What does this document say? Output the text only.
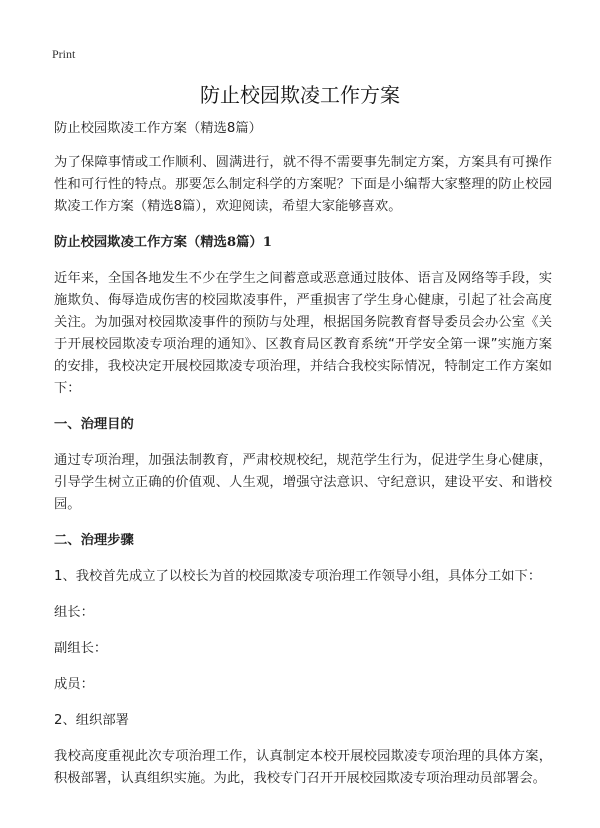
Print
防止校园欺凌工作方案

防止校园欺凌工作方案（精选8篇）

为了保障事情或工作顺利、圆满进行，就不得不需要事先制定方案，方案具有可操作性和可行性的特点。那要怎么制定科学的方案呢？下面是小编帮大家整理的防止校园欺凌工作方案（精选8篇），欢迎阅读，希望大家能够喜欢。

防止校园欺凌工作方案（精选8篇）1

近年来，全国各地发生不少在学生之间蓄意或恶意通过肢体、语言及网络等手段，实施欺负、侮辱造成伤害的校园欺凌事件，严重损害了学生身心健康，引起了社会高度关注。为加强对校园欺凌事件的预防与处理，根据国务院教育督导委员会办公室《关于开展校园欺凌专项治理的通知》、区教育局区教育系统“开学安全第一课”实施方案的安排，我校决定开展校园欺凌专项治理，并结合我校实际情况，特制定工作方案如下：

一、治理目的

通过专项治理，加强法制教育，严肃校规校纪，规范学生行为，促进学生身心健康，引导学生树立正确的价值观、人生观，增强守法意识、守纪意识，建设平安、和谐校园。

二、治理步骤

1、我校首先成立了以校长为首的校园欺凌专项治理工作领导小组，具体分工如下：

组长：

副组长：

成员：

2、组织部署

我校高度重视此次专项治理工作，认真制定本校开展校园欺凌专项治理的具体方案，积极部署，认真组织实施。为此，我校专门召开开展校园欺凌专项治理动员部署会。
